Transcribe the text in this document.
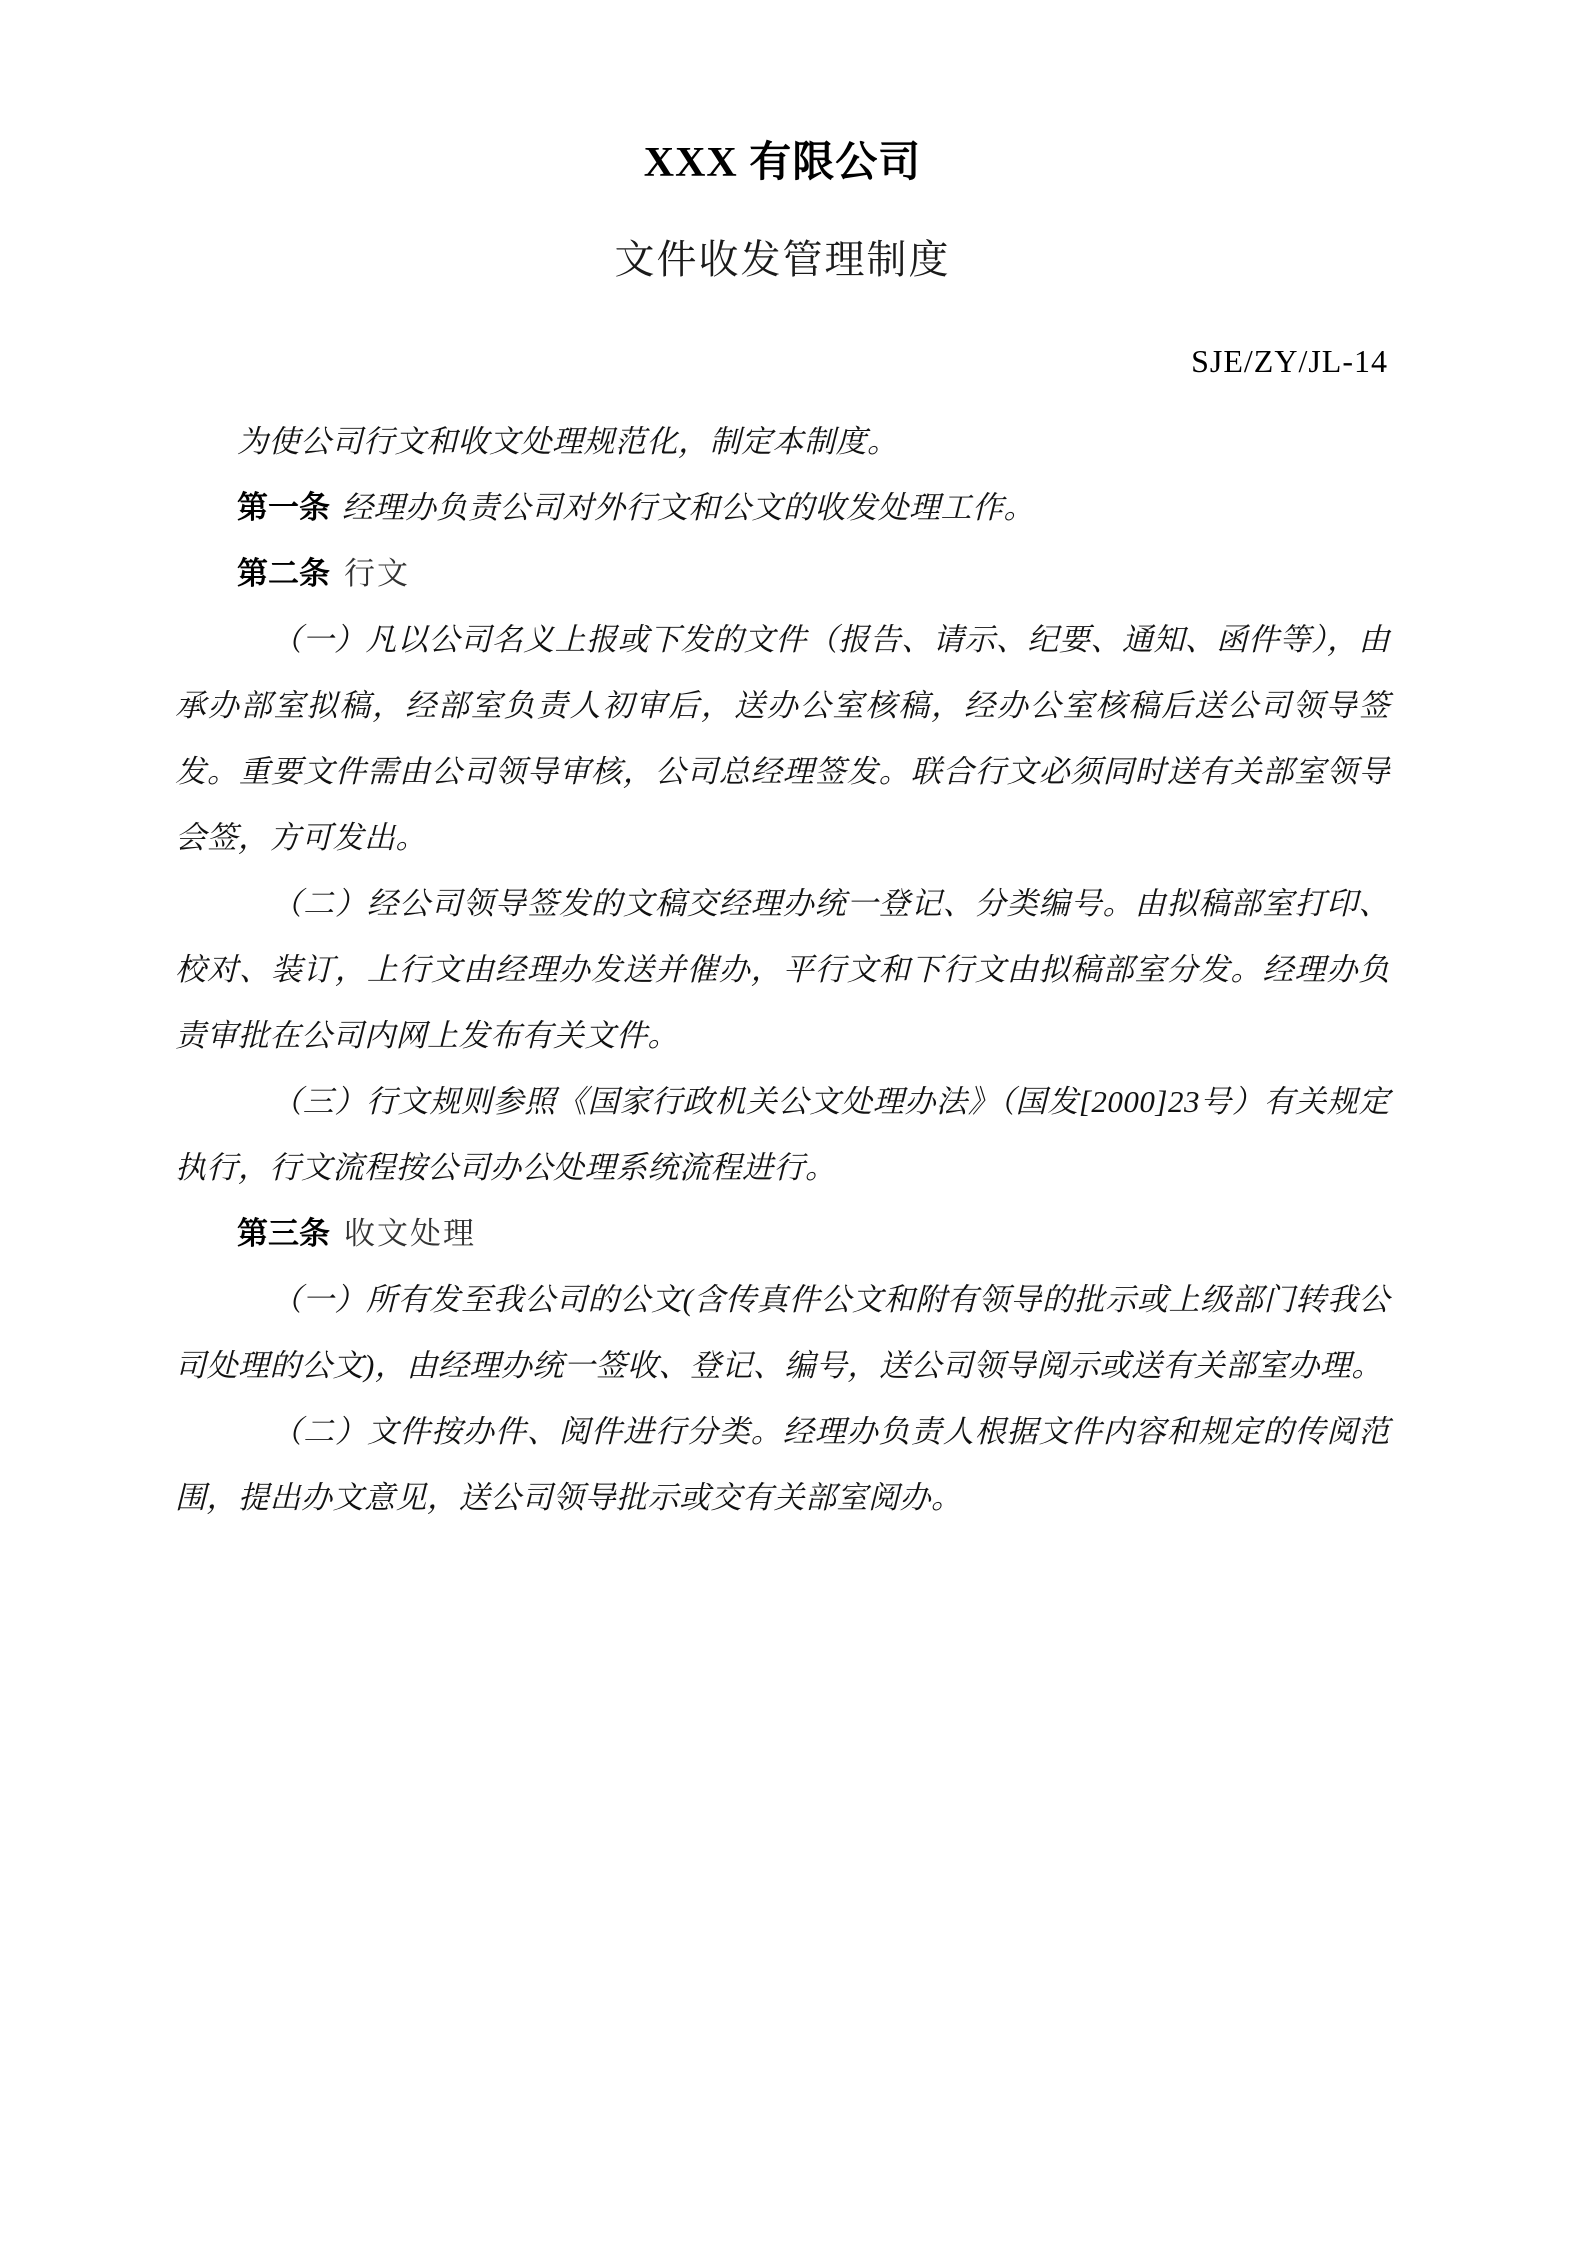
XXX 有限公司
文件收发管理制度
SJE/ZY/JL-14

为使公司行文和收文处理规范化，制定本制度。

第一条 经理办负责公司对外行文和公文的收发处理工作。

第二条 行文

（一）凡以公司名义上报或下发的文件（报告、请示、纪要、通知、函件等），由承办部室拟稿，经部室负责人初审后，送办公室核稿，经办公室核稿后送公司领导签发。重要文件需由公司领导审核，公司总经理签发。联合行文必须同时送有关部室领导会签，方可发出。

（二）经公司领导签发的文稿交经理办统一登记、分类编号。由拟稿部室打印、校对、装订，上行文由经理办发送并催办，平行文和下行文由拟稿部室分发。经理办负责审批在公司内网上发布有关文件。

（三）行文规则参照《国家行政机关公文处理办法》（国发[2000]23号）有关规定执行，行文流程按公司办公处理系统流程进行。

第三条 收文处理

（一）所有发至我公司的公文(含传真件公文和附有领导的批示或上级部门转我公司处理的公文)，由经理办统一签收、登记、编号，送公司领导阅示或送有关部室办理。

（二）文件按办件、阅件进行分类。经理办负责人根据文件内容和规定的传阅范围，提出办文意见，送公司领导批示或交有关部室阅办。
